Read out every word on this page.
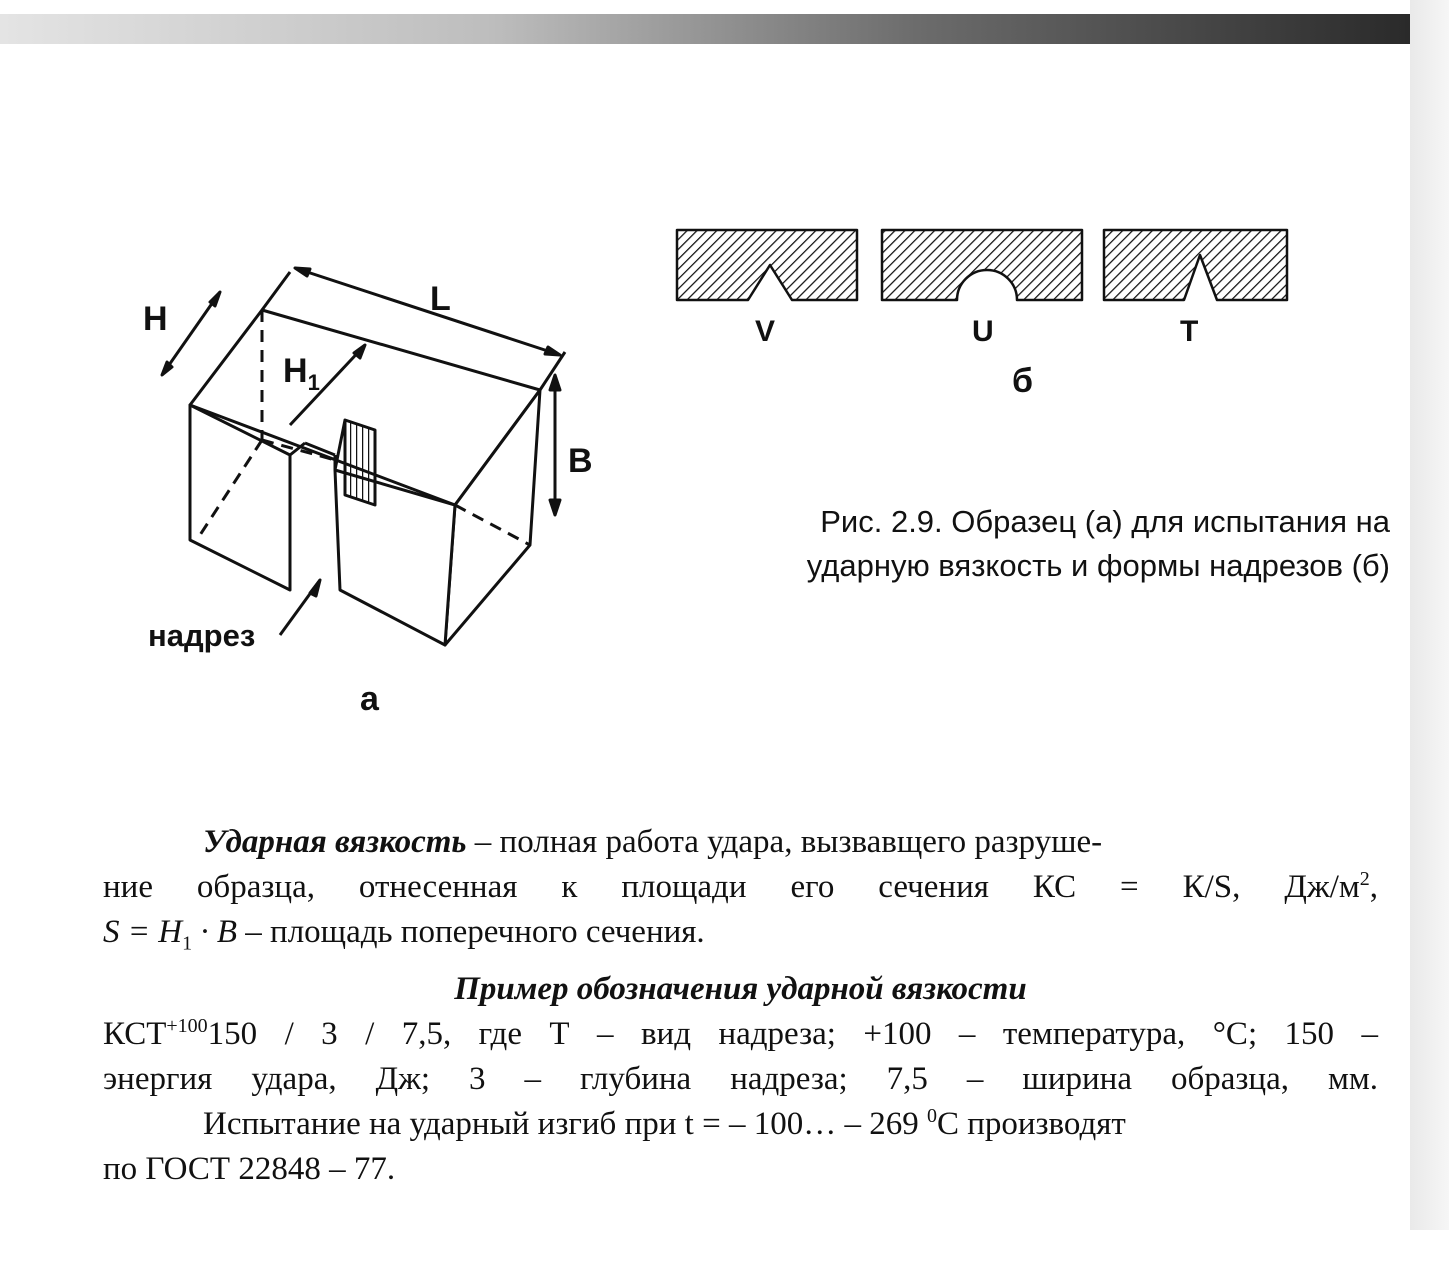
H
L
$H_1$
B
надрез
а
V	U	T
б
Рис. 2.9. Образец (а) для испытания на
ударную вязкость и формы надрезов (б)

Ударная вязкость – полная работа удара, вызвавщего разруше-

ние образца, отнесенная к площади его сечения КС = К/S, $Дж/м^2$,

$S = H_1 \cdot B$ – площадь поперечного сечения.

Пример обозначения ударной вязкости

$КСТ^{+100}150 / 3 / 7,5$, где Т – вид надреза; +100 – температура, °С; 150 –

энергия удара, Дж; 3 – глубина надреза; 7,5 – ширина образца, мм.

Испытание на ударный изгиб при t = – 100… – 269 $^0$С производят

по ГОСТ 22848 – 77.
